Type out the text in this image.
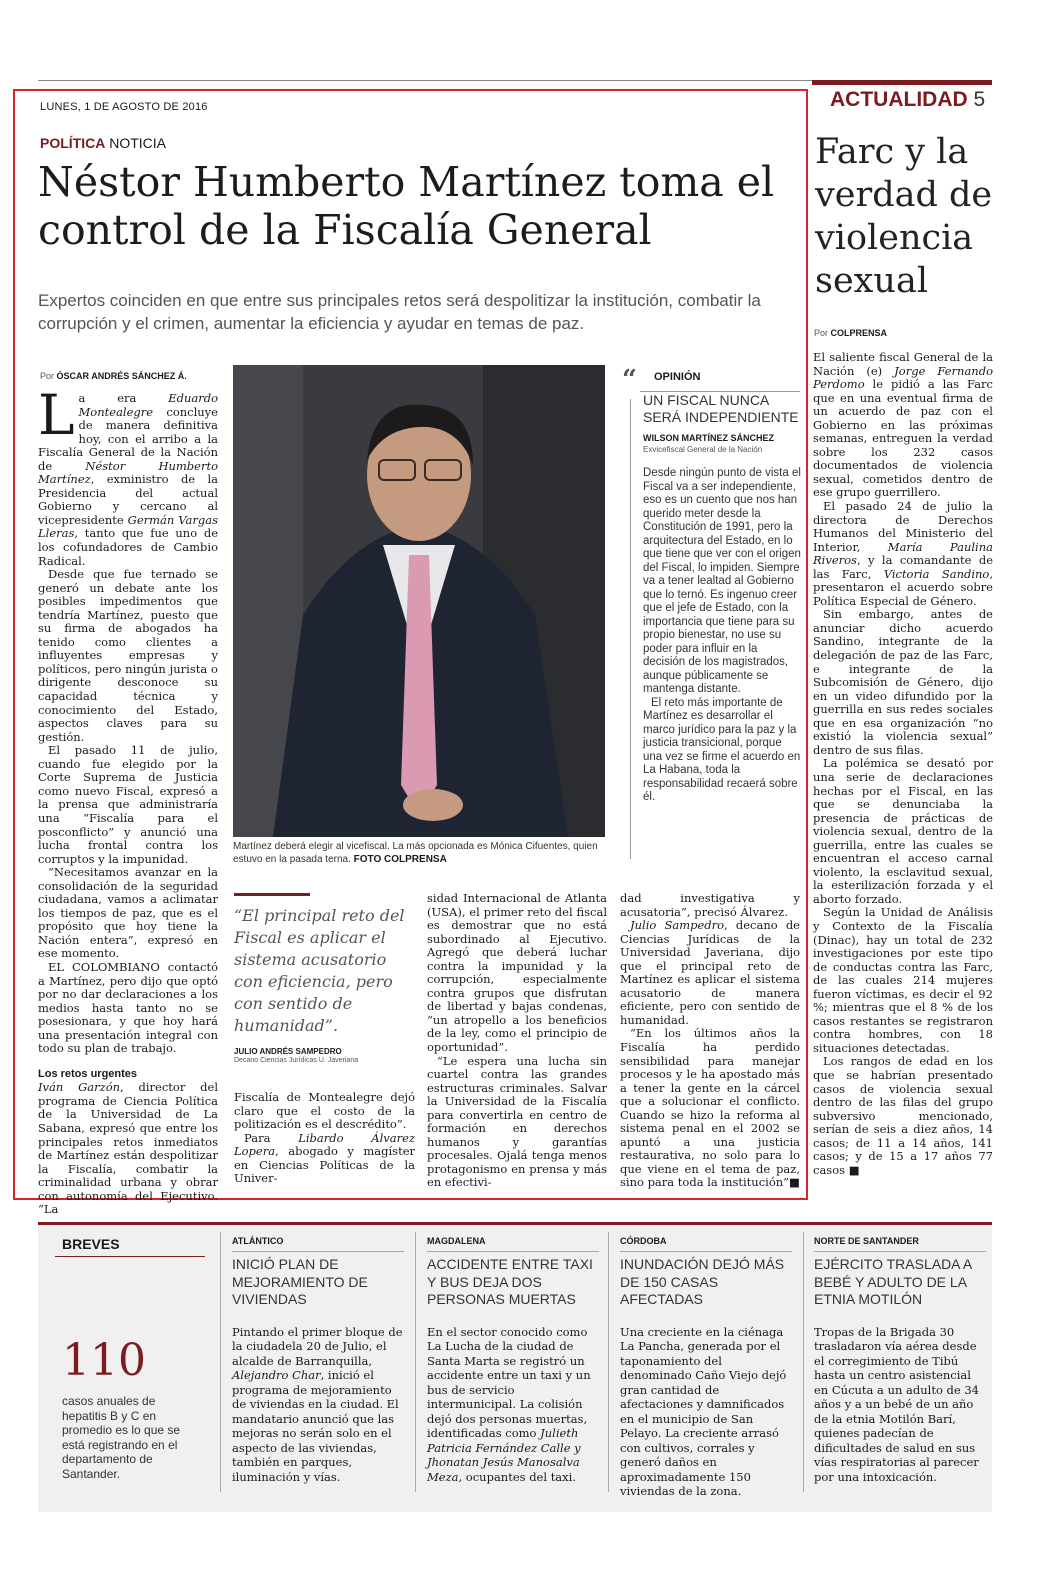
LUNES, 1 DE AGOSTO DE 2016	ACTUALIDAD 5
POLÍTICA NOTICIA
Néstor Humberto Martínez toma el control de la Fiscalía General
Expertos coinciden en que entre sus principales retos será despolitizar la institución, combatir la corrupción y el crimen, aumentar la eficiencia y ayudar en temas de paz.
Por ÓSCAR ANDRÉS SÁNCHEZ Á.
La era Eduardo Montealegre concluye de manera definitiva hoy, con el arribo a la Fiscalía General de la Nación de Néstor Humberto Martínez, exministro de la Presidencia del actual Gobierno y cercano al vicepresidente Germán Vargas Lleras, tanto que fue uno de los cofundadores de Cambio Radical.

Desde que fue ternado se generó un debate ante los posibles impedimentos que tendría Martínez, puesto que su firma de abogados ha tenido como clientes a influyentes empresas y políticos, pero ningún jurista o dirigente desconoce su capacidad técnica y conocimiento del Estado, aspectos claves para su gestión.

El pasado 11 de julio, cuando fue elegido por la Corte Suprema de Justicia como nuevo Fiscal, expresó a la prensa que administraría una “Fiscalía para el posconflicto” y anunció una lucha frontal contra los corruptos y la impunidad.

“Necesitamos avanzar en la consolidación de la seguridad ciudadana, vamos a aclimatar los tiempos de paz, que es el propósito que hoy tiene la Nación entera”, expresó en ese momento.

EL COLOMBIANO contactó a Martínez, pero dijo que optó por no dar declaraciones a los medios hasta tanto no se posesionara, y que hoy hará una presentación integral con todo su plan de trabajo.

Los retos urgentes

Iván Garzón, director del programa de Ciencia Política de la Universidad de La Sabana, expresó que entre los principales retos inmediatos de Martínez están despolitizar la Fiscalía, combatir la criminalidad urbana y obrar con autonomía del Ejecutivo. “La

Martínez deberá elegir al vicefiscal. La más opcionada es Mónica Cifuentes, quien estuvo en la pasada terna. FOTO COLPRENSA
“ OPINIÓN
UN FISCAL NUNCA SERÁ INDEPENDIENTE
WILSON MARTÍNEZ SÁNCHEZ
Exvicefiscal General de la Nación

Desde ningún punto de vista el Fiscal va a ser independiente, eso es un cuento que nos han querido meter desde la Constitución de 1991, pero la arquitectura del Estado, en lo que tiene que ver con el origen del Fiscal, lo impiden. Siempre va a tener lealtad al Gobierno que lo ternó. Es ingenuo creer que el jefe de Estado, con la importancia que tiene para su propio bienestar, no use su poder para influir en la decisión de los magistrados, aunque públicamente se mantenga distante.

El reto más importante de Martínez es desarrollar el marco jurídico para la paz y la justicia transicional, porque una vez se firme el acuerdo en La Habana, toda la responsabilidad recaerá sobre él.

“El principal reto del Fiscal es aplicar el sistema acusatorio con eficiencia, pero con sentido de humanidad”.
JULIO ANDRÉS SAMPEDRO
Decano Ciencias Jurídicas U. Javeriana

Fiscalía de Montealegre dejó claro que el costo de la politización es el descrédito”.

Para Libardo Álvarez Lopera, abogado y magíster en Ciencias Políticas de la Univer-

sidad Internacional de Atlanta (USA), el primer reto del fiscal es demostrar que no está subordinado al Ejecutivo. Agregó que deberá luchar contra la impunidad y la corrupción, especialmente contra grupos que disfrutan de libertad y bajas condenas, “un atropello a los beneficios de la ley, como el principio de oportunidad”.

“Le espera una lucha sin cuartel contra las grandes estructuras criminales. Salvar la Universidad de la Fiscalía para convertirla en centro de formación en derechos humanos y garantías procesales. Ojalá tenga menos protagonismo en prensa y más en efectivi-

dad investigativa y acusatoria”, precisó Álvarez.

Julio Sampedro, decano de Ciencias Jurídicas de la Universidad Javeriana, dijo que el principal reto de Martínez es aplicar el sistema acusatorio de manera eficiente, pero con sentido de humanidad.

“En los últimos años la Fiscalía ha perdido sensibilidad para manejar procesos y le ha apostado más a tener la gente en la cárcel que a solucionar el conflicto. Cuando se hizo la reforma al sistema penal en el 2002 se apuntó a una justicia restaurativa, no solo para lo que viene en el tema de paz, sino para toda la institución”■

Farc y la verdad de violencia sexual
Por COLPRENSA

El saliente fiscal General de la Nación (e) Jorge Fernando Perdomo le pidió a las Farc que en una eventual firma de un acuerdo de paz con el Gobierno en las próximas semanas, entreguen la verdad sobre los 232 casos documentados de violencia sexual, cometidos dentro de ese grupo guerrillero.

El pasado 24 de julio la directora de Derechos Humanos del Ministerio del Interior, María Paulina Riveros, y la comandante de las Farc, Victoria Sandino, presentaron el acuerdo sobre Política Especial de Género.

Sin embargo, antes de anunciar dicho acuerdo Sandino, integrante de la delegación de paz de las Farc, e integrante de la Subcomisión de Género, dijo en un video difundido por la guerrilla en sus redes sociales que en esa organización “no existió la violencia sexual” dentro de sus filas.

La polémica se desató por una serie de declaraciones hechas por el Fiscal, en las que se denunciaba la presencia de prácticas de violencia sexual, dentro de la guerrilla, entre las cuales se encuentran el acceso carnal violento, la esclavitud sexual, la esterilización forzada y el aborto forzado.

Según la Unidad de Análisis y Contexto de la Fiscalía (Dinac), hay un total de 232 investigaciones por este tipo de conductas contra las Farc, de las cuales 214 mujeres fueron víctimas, es decir el 92 %; mientras que el 8 % de los casos restantes se registraron contra hombres, con 18 situaciones detectadas.

Los rangos de edad en los que se habrían presentado casos de violencia sexual dentro de las filas del grupo subversivo mencionado, serían de seis a diez años, 14 casos; de 11 a 14 años, 141 casos; y de 15 a 17 años 77 casos ■

BREVES
110
casos anuales de hepatitis B y C en promedio es lo que se está registrando en el departamento de Santander.
ATLÁNTICO
INICIÓ PLAN DE MEJORAMIENTO DE VIVIENDAS
Pintando el primer bloque de la ciudadela 20 de Julio, el alcalde de Barranquilla, Alejandro Char, inició el programa de mejoramiento de viviendas en la ciudad. El mandatario anunció que las mejoras no serán solo en el aspecto de las viviendas, también en parques, iluminación y vías.
MAGDALENA
ACCIDENTE ENTRE TAXI Y BUS DEJA DOS PERSONAS MUERTAS
En el sector conocido como La Lucha de la ciudad de Santa Marta se registró un accidente entre un taxi y un bus de servicio intermunicipal. La colisión dejó dos personas muertas, identificadas como Julieth Patricia Fernández Calle y Jhonatan Jesús Manosalva Meza, ocupantes del taxi.
CÓRDOBA
INUNDACIÓN DEJÓ MÁS DE 150 CASAS AFECTADAS
Una creciente en la ciénaga La Pancha, generada por el taponamiento del denominado Caño Viejo dejó gran cantidad de afectaciones y damnificados en el municipio de San Pelayo. La creciente arrasó con cultivos, corrales y generó daños en aproximadamente 150 viviendas de la zona.
NORTE DE SANTANDER
EJÉRCITO TRASLADA A BEBÉ Y ADULTO DE LA ETNIA MOTILÓN
Tropas de la Brigada 30 trasladaron vía aérea desde el corregimiento de Tibú hasta un centro asistencial en Cúcuta a un adulto de 34 años y a un bebé de un año de la etnia Motilón Barí, quienes padecían de dificultades de salud en sus vías respiratorias al parecer por una intoxicación.
